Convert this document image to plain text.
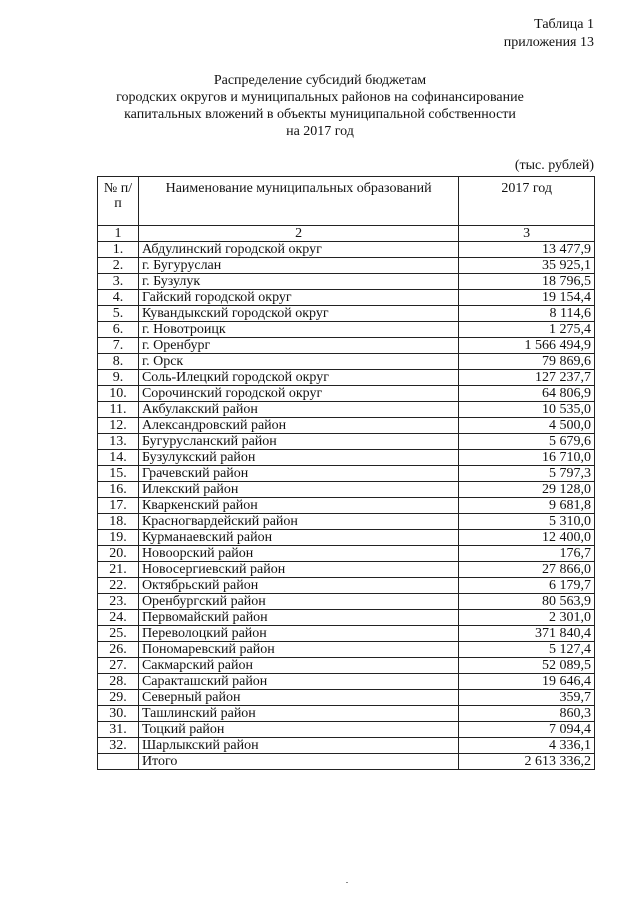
Таблица 1
приложения 13
Распределение субсидий бюджетам
городских округов и муниципальных районов на софинансирование
капитальных вложений в объекты муниципальной собственности
на 2017 год
(тыс. рублей)
№ п/п	Наименование муниципальных образований	2017 год
1	2	3
1.	Абдулинский городской округ	13 477,9
2.	г. Бугуруслан	35 925,1
3.	г. Бузулук	18 796,5
4.	Гайский городской округ	19 154,4
5.	Кувандыкский городской округ	8 114,6
6.	г. Новотроицк	1 275,4
7.	г. Оренбург	1 566 494,9
8.	г. Орск	79 869,6
9.	Соль-Илецкий городской округ	127 237,7
10.	Сорочинский городской округ	64 806,9
11.	Акбулакский район	10 535,0
12.	Александровский район	4 500,0
13.	Бугурусланский район	5 679,6
14.	Бузулукский район	16 710,0
15.	Грачевский район	5 797,3
16.	Илекский район	29 128,0
17.	Кваркенский район	9 681,8
18.	Красногвардейский район	5 310,0
19.	Курманаевский район	12 400,0
20.	Новоорский район	176,7
21.	Новосергиевский район	27 866,0
22.	Октябрьский район	6 179,7
23.	Оренбургский район	80 563,9
24.	Первомайский район	2 301,0
25.	Переволоцкий район	371 840,4
26.	Пономаревский район	5 127,4
27.	Сакмарский район	52 089,5
28.	Саракташский район	19 646,4
29.	Северный район	359,7
30.	Ташлинский район	860,3
31.	Тоцкий район	7 094,4
32.	Шарлыкский район	4 336,1
	Итого	2 613 336,2
